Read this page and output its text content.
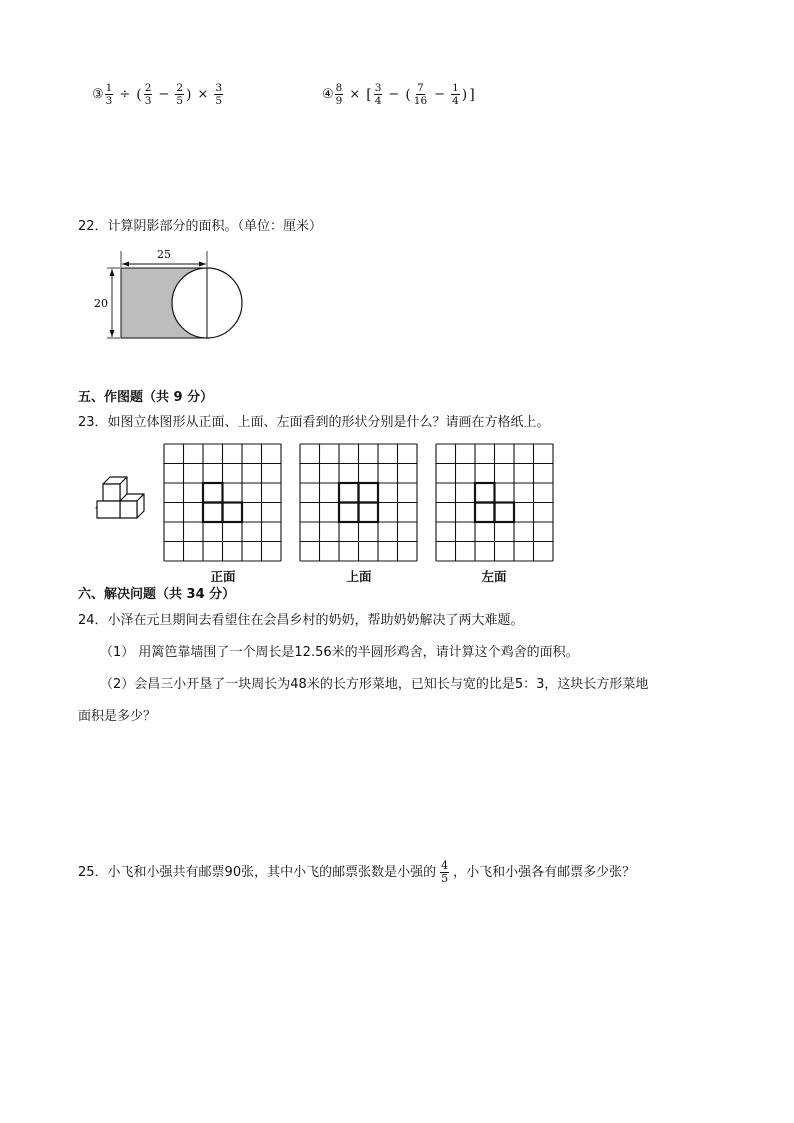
③ $\frac{1}{3}$ ÷ ( $\frac{2}{3} - \frac{2}{5}$ ) × $\frac{3}{5}$	④ $\frac{8}{9}$ × [ $\frac{3}{4}$ − ( $\frac{7}{16} - \frac{1}{4}$ ) ]
22．计算阴影部分的面积。（单位：厘米）
25
20
五、作图题（共 9 分）
23．如图立体图形从正面、上面、左面看到的形状分别是什么？请画在方格纸上。
正面	上面	左面
六、解决问题（共 34 分）
24．小泽在元旦期间去看望住在会昌乡村的奶奶，帮助奶奶解决了两大难题。
（1） 用篱笆靠墙围了一个周长是12.56米的半圆形鸡舍，请计算这个鸡舍的面积。
（2）会昌三小开垦了一块周长为48米的长方形菜地，已知长与宽的比是5：3，这块长方形菜地
面积是多少？
25．小飞和小强共有邮票90张，其中小飞的邮票张数是小强的 $\frac{4}{5}$ ，小飞和小强各有邮票多少张？
